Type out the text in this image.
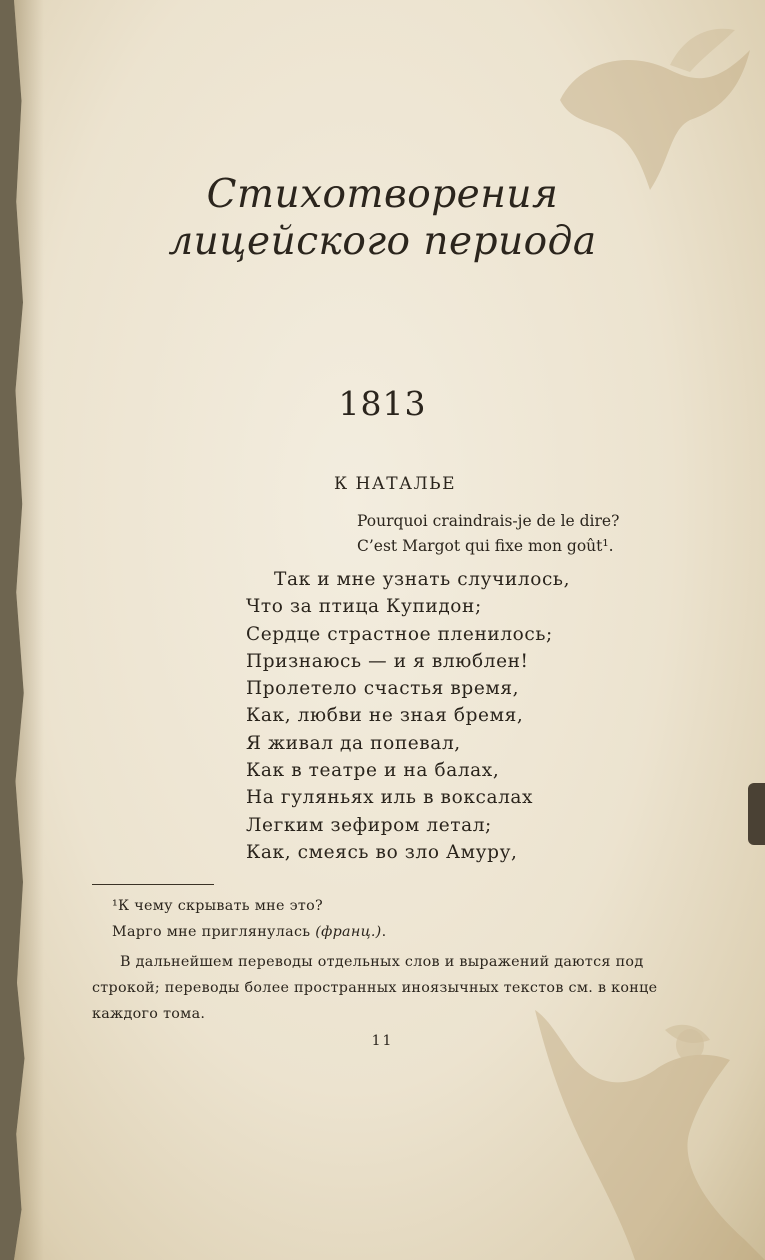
Стихотворения
лицейского периода
1813
К НАТАЛЬЕ
Pourquoi craindrais-je de le dire?
C’est Margot qui fixe mon goût¹.
Так и мне узнать случилось,
Что за птица Купидон;
Сердце страстное пленилось;
Признаюсь — и я влюблен!
Пролетело счастья время,
Как, любви не зная бремя,
Я живал да попевал,
Как в театре и на балах,
На гуляньях иль в воксалах
Легким зефиром летал;
Как, смеясь во зло Амуру,
¹К чему скрывать мне это?
Марго мне приглянулась (франц.).
В дальнейшем переводы отдельных слов и выражений даются под строкой; переводы более пространных иноязычных текстов см. в конце каждого тома.
11
